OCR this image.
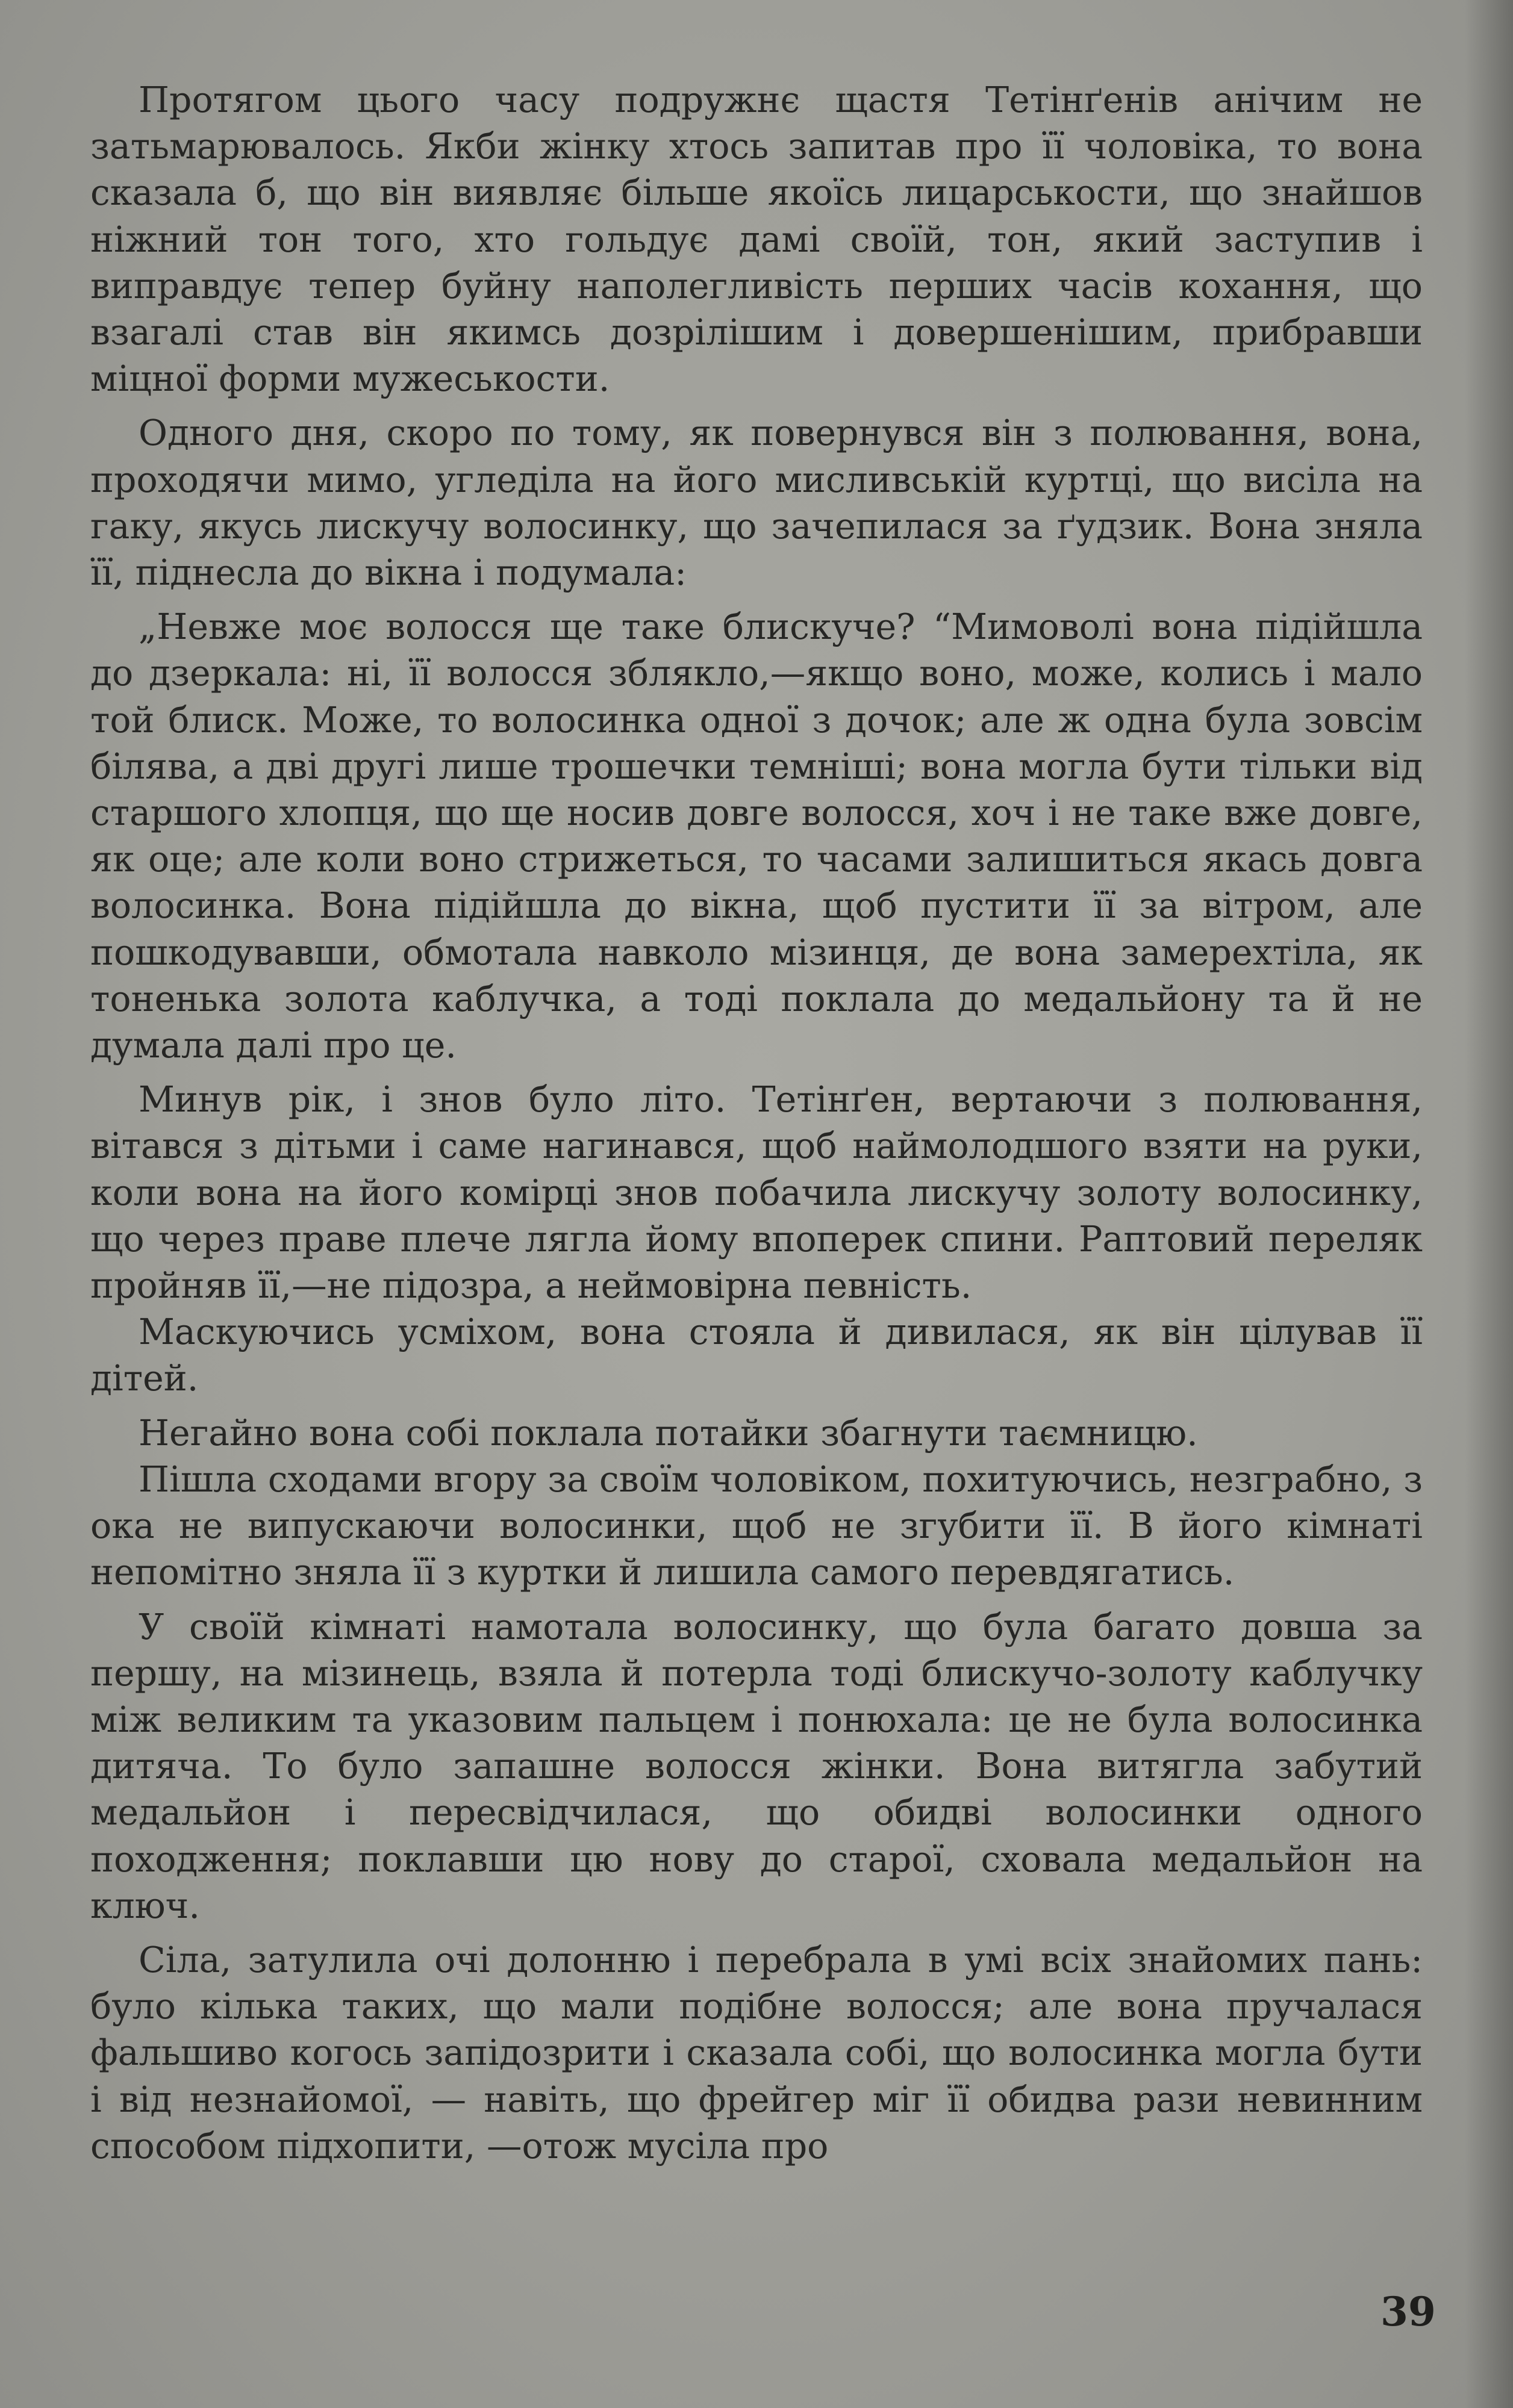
Протягом цього часу подружнє щастя Тетінґенів анічим не затьмарювалось. Якби жінку хтось запитав про її чоловіка, то вона сказала б, що він виявляє більше якоїсь лицарськости, що знайшов ніжний тон того, хто гольдує дамі своїй, тон, який заступив і виправдує тепер буйну наполегливість перших часів кохання, що взагалі став він якимсь дозрілішим і довершенішим, прибравши міцної форми мужеськости.

Одного дня, скоро по тому, як повернувся він з полювання, вона, проходячи мимо, угледіла на його мисливській куртці, що висіла на гаку, якусь лискучу волосинку, що зачепилася за ґудзик. Вона зняла її, піднесла до вікна і подумала:

„Невже моє волосся ще таке блискуче? “Мимоволі вона підійшла до дзеркала: ні, її волосся зблякло,—якщо воно, може, колись і мало той блиск. Може, то волосинка одної з дочок; але ж одна була зовсім білява, а дві другі лише трошечки темніші; вона могла бути тільки від старшого хлопця, що ще носив довге волосся, хоч і не таке вже довге, як оце; але коли воно стрижеться, то часами залишиться якась довга волосинка. Вона підійшла до вікна, щоб пустити її за вітром, але пошкодувавши, обмотала навколо мізинця, де вона замерехтіла, як тоненька золота каблучка, а тоді поклала до медальйону та й не думала далі про це.

Минув рік, і знов було літо. Тетінґен, вертаючи з полювання, вітався з дітьми і саме нагинався, щоб наймолодшого взяти на руки, коли вона на його комірці знов побачила лискучу золоту волосинку, що через праве плече лягла йому впоперек спини. Раптовий переляк пройняв її,—не підозра, а неймовірна певність.

Маскуючись усміхом, вона стояла й дивилася, як він цілував її дітей.

Негайно вона собі поклала потайки збагнути таємницю.

Пішла сходами вгору за своїм чоловіком, похитуючись, незграбно, з ока не випускаючи волосинки, щоб не згубити її. В його кімнаті непомітно зняла її з куртки й лишила самого перевдягатись.

У своїй кімнаті намотала волосинку, що була багато довша за першу, на мізинець, взяла й потерла тоді блискучо-золоту каблучку між великим та указовим пальцем і понюхала: це не була волосинка дитяча. То було запашне волосся жінки. Вона витягла забутий медальйон і пересвідчилася, що обидві волосинки одного походження; поклавши цю нову до старої, сховала медальйон на ключ.

Сіла, затулила очі долонню і перебрала в умі всіх знайомих пань: було кілька таких, що мали подібне волосся; але вона пручалася фальшиво когось запідозрити і сказала собі, що волосинка могла бути і від незнайомої, — навіть, що фрейгер міг її обидва рази невинним способом підхопити, —отож мусіла про

39
